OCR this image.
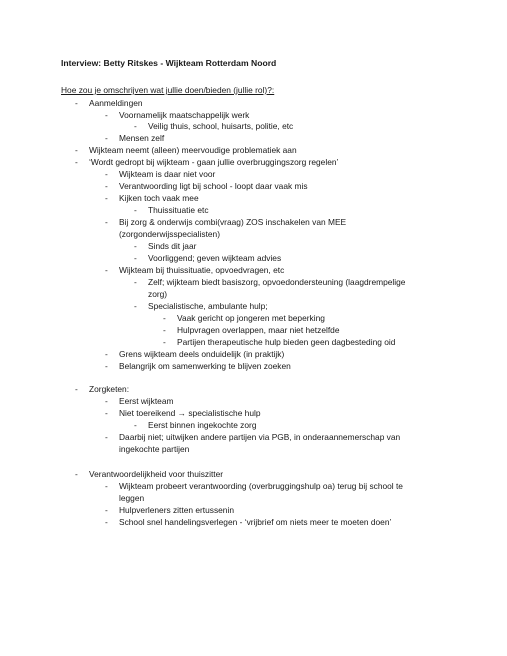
Interview: Betty Ritskes - Wijkteam Rotterdam Noord
Hoe zou je omschrijven wat jullie doen/bieden (jullie rol)?:
- Aanmeldingen
- Voornamelijk maatschappelijk werk
- Veilig thuis, school, huisarts, politie, etc
- Mensen zelf
- Wijkteam neemt (alleen) meervoudige problematiek aan
- ‘Wordt gedropt bij wijkteam - gaan jullie overbruggingszorg regelen’
- Wijkteam is daar niet voor
- Verantwoording ligt bij school - loopt daar vaak mis
- Kijken toch vaak mee
- Thuissituatie etc
- Bij zorg & onderwijs combi(vraag) ZOS inschakelen van MEE
(zorgonderwijsspecialisten)
- Sinds dit jaar
- Voorliggend; geven wijkteam advies
- Wijkteam bij thuissituatie, opvoedvragen, etc
- Zelf; wijkteam biedt basiszorg, opvoedondersteuning (laagdrempelige
zorg)
- Specialistische, ambulante hulp;
- Vaak gericht op jongeren met beperking
- Hulpvragen overlappen, maar niet hetzelfde
- Partijen therapeutische hulp bieden geen dagbesteding oid
- Grens wijkteam deels onduidelijk (in praktijk)
- Belangrijk om samenwerking te blijven zoeken
- Zorgketen:
- Eerst wijkteam
- Niet toereikend → specialistische hulp
- Eerst binnen ingekochte zorg
- Daarbij niet; uitwijken andere partijen via PGB, in onderaannemerschap van
ingekochte partijen
- Verantwoordelijkheid voor thuiszitter
- Wijkteam probeert verantwoording (overbruggingshulp oa) terug bij school te
leggen
- Hulpverleners zitten ertussenin
- School snel handelingsverlegen - ‘vrijbrief om niets meer te moeten doen’
